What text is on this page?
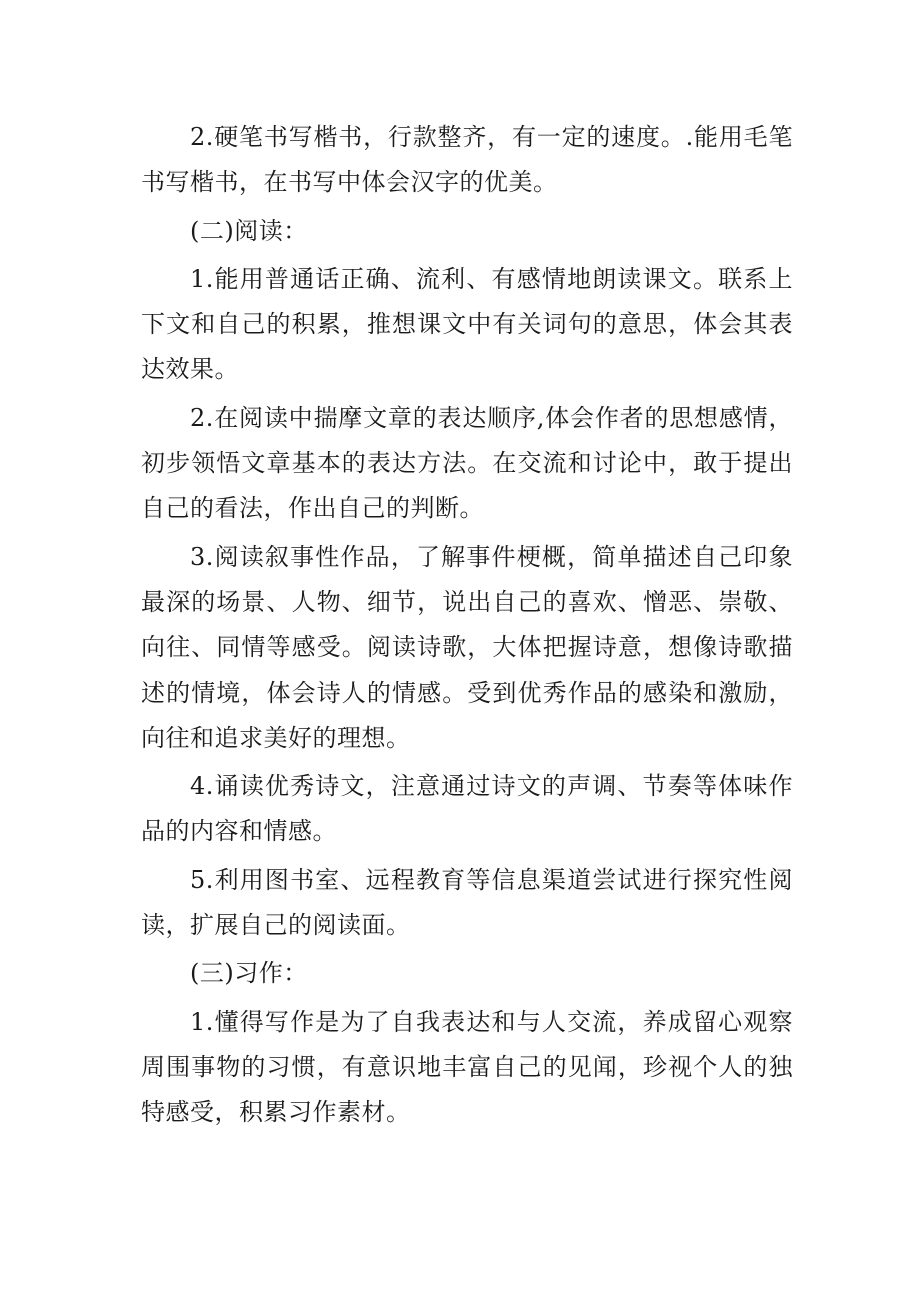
2.硬笔书写楷书，行款整齐，有一定的速度。.能用毛笔书写楷书，在书写中体会汉字的优美。

(二)阅读：

1.能用普通话正确、流利、有感情地朗读课文。联系上下文和自己的积累，推想课文中有关词句的意思，体会其表达效果。

2.在阅读中揣摩文章的表达顺序,体会作者的思想感情，初步领悟文章基本的表达方法。在交流和讨论中，敢于提出自己的看法，作出自己的判断。

3.阅读叙事性作品，了解事件梗概，简单描述自己印象最深的场景、人物、细节，说出自己的喜欢、憎恶、崇敬、向往、同情等感受。阅读诗歌，大体把握诗意，想像诗歌描述的情境，体会诗人的情感。受到优秀作品的感染和激励，向往和追求美好的理想。

4.诵读优秀诗文，注意通过诗文的声调、节奏等体味作品的内容和情感。

5.利用图书室、远程教育等信息渠道尝试进行探究性阅读，扩展自己的阅读面。

(三)习作：

1.懂得写作是为了自我表达和与人交流，养成留心观察周围事物的习惯，有意识地丰富自己的见闻，珍视个人的独特感受，积累习作素材。
